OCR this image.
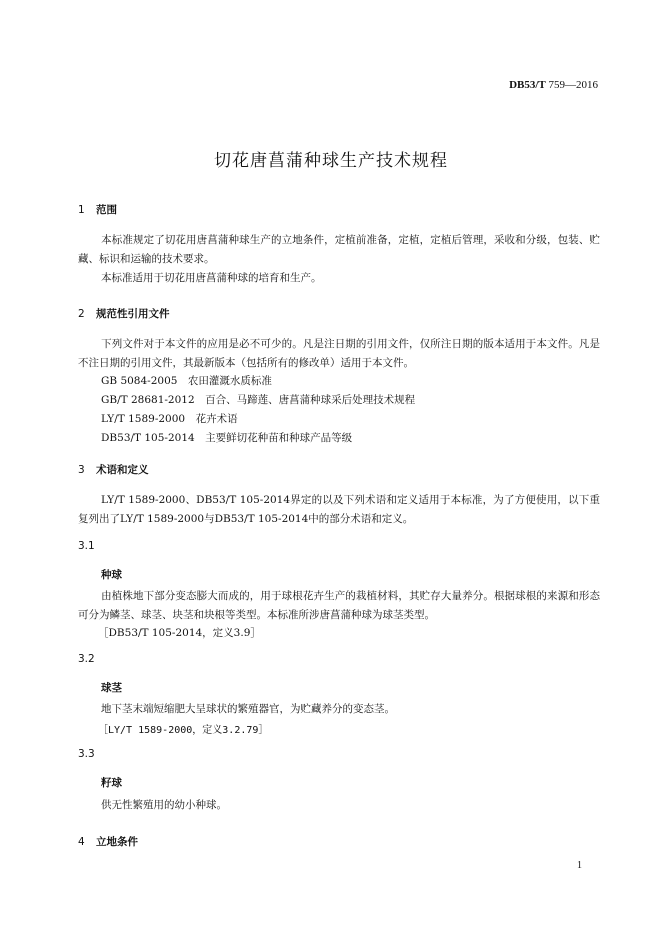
DB53/T 759—2016
切花唐菖蒲种球生产技术规程
1 范围
本标准规定了切花用唐菖蒲种球生产的立地条件，定植前准备，定植，定植后管理，采收和分级，包装、贮藏、标识和运输的技术要求。
本标准适用于切花用唐菖蒲种球的培育和生产。
2 规范性引用文件
下列文件对于本文件的应用是必不可少的。凡是注日期的引用文件，仅所注日期的版本适用于本文件。凡是不注日期的引用文件，其最新版本（包括所有的修改单）适用于本文件。
GB 5084-2005　农田灌溉水质标准
GB/T 28681-2012　百合、马蹄莲、唐菖蒲种球采后处理技术规程
LY/T 1589-2000　花卉术语
DB53/T 105-2014　主要鲜切花种苗和种球产品等级
3 术语和定义
LY/T 1589-2000、DB53/T 105-2014界定的以及下列术语和定义适用于本标准，为了方便使用，以下重复列出了LY/T 1589-2000与DB53/T 105-2014中的部分术语和定义。
3.1
种球
由植株地下部分变态膨大而成的，用于球根花卉生产的栽植材料，其贮存大量养分。根据球根的来源和形态可分为鳞茎、球茎、块茎和块根等类型。本标准所涉唐菖蒲种球为球茎类型。
［DB53/T 105-2014，定义3.9］
3.2
球茎
地下茎末端短缩肥大呈球状的繁殖器官，为贮藏养分的变态茎。
［LY/T 1589-2000，定义3.2.79］
3.3
籽球
供无性繁殖用的幼小种球。
4 立地条件
1
